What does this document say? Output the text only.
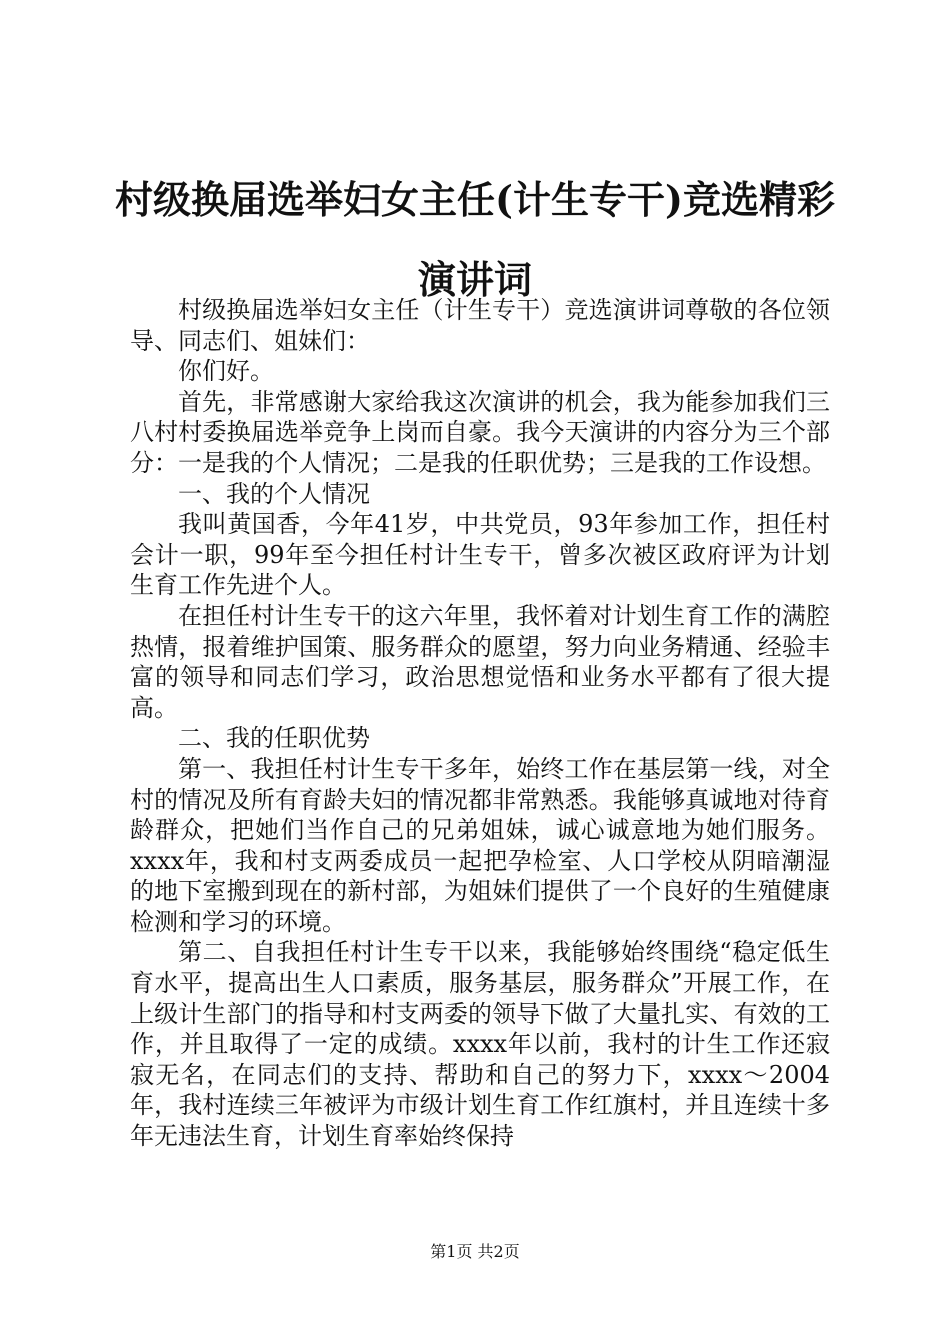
村级换届选举妇女主任(计生专干)竞选精彩演讲词

村级换届选举妇女主任（计生专干）竞选演讲词尊敬的各位领导、同志们、姐妹们：

你们好。

首先，非常感谢大家给我这次演讲的机会，我为能参加我们三八村村委换届选举竞争上岗而自豪。我今天演讲的内容分为三个部分：一是我的个人情况；二是我的任职优势；三是我的工作设想。

一、我的个人情况

我叫黄国香，今年41岁，中共党员，93年参加工作，担任村会计一职，99年至今担任村计生专干，曾多次被区政府评为计划生育工作先进个人。

在担任村计生专干的这六年里，我怀着对计划生育工作的满腔热情，报着维护国策、服务群众的愿望，努力向业务精通、经验丰富的领导和同志们学习，政治思想觉悟和业务水平都有了很大提高。

二、我的任职优势

第一、我担任村计生专干多年，始终工作在基层第一线，对全村的情况及所有育龄夫妇的情况都非常熟悉。我能够真诚地对待育龄群众，把她们当作自己的兄弟姐妹，诚心诚意地为她们服务。xxxx年，我和村支两委成员一起把孕检室、人口学校从阴暗潮湿的地下室搬到现在的新村部，为姐妹们提供了一个良好的生殖健康检测和学习的环境。

第二、自我担任村计生专干以来，我能够始终围绕“稳定低生育水平，提高出生人口素质，服务基层，服务群众”开展工作，在上级计生部门的指导和村支两委的领导下做了大量扎实、有效的工作，并且取得了一定的成绩。xxxx年以前，我村的计生工作还寂寂无名，在同志们的支持、帮助和自己的努力下，xxxx～2004年，我村连续三年被评为市级计划生育工作红旗村，并且连续十多年无违法生育，计划生育率始终保持

第1页 共2页
